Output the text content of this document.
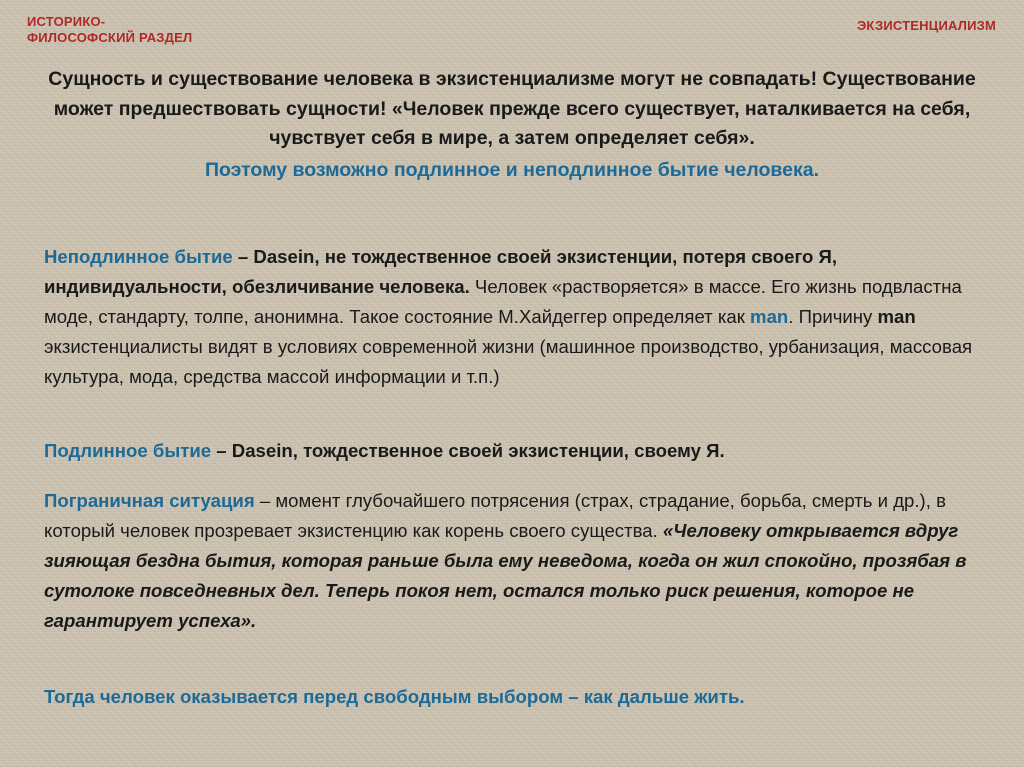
ИСТОРИКО-
ФИЛОСОФСКИЙ РАЗДЕЛ
ЭКЗИСТЕНЦИАЛИЗМ
Сущность и существование человека в экзистенциализме могут не совпадать! Существование может предшествовать сущности! «Человек прежде всего существует, наталкивается на себя, чувствует себя в мире, а затем определяет себя».
Поэтому возможно подлинное и неподлинное бытие человека.
Неподлинное бытие – Dasein, не тождественное своей экзистенции, потеря своего Я, индивидуальности, обезличивание человека. Человек «растворяется» в массе. Его жизнь подвластна моде, стандарту, толпе, анонимна. Такое состояние М.Хайдеггер определяет как man. Причину man экзистенциалисты видят в условиях современной жизни (машинное производство, урбанизация, массовая культура, мода, средства массой информации и т.п.)
Подлинное бытие – Dasein, тождественное своей экзистенции, своему Я.
Пограничная ситуация – момент глубочайшего потрясения (страх, страдание, борьба, смерть и др.), в который человек прозревает экзистенцию как корень своего существа. «Человеку открывается вдруг зияющая бездна бытия, которая раньше была ему неведома, когда он жил спокойно, прозябая в сутолоке повседневных дел. Теперь покоя нет, остался только риск решения, которое не гарантирует успеха».
Тогда человек оказывается перед свободным выбором – как дальше жить.
